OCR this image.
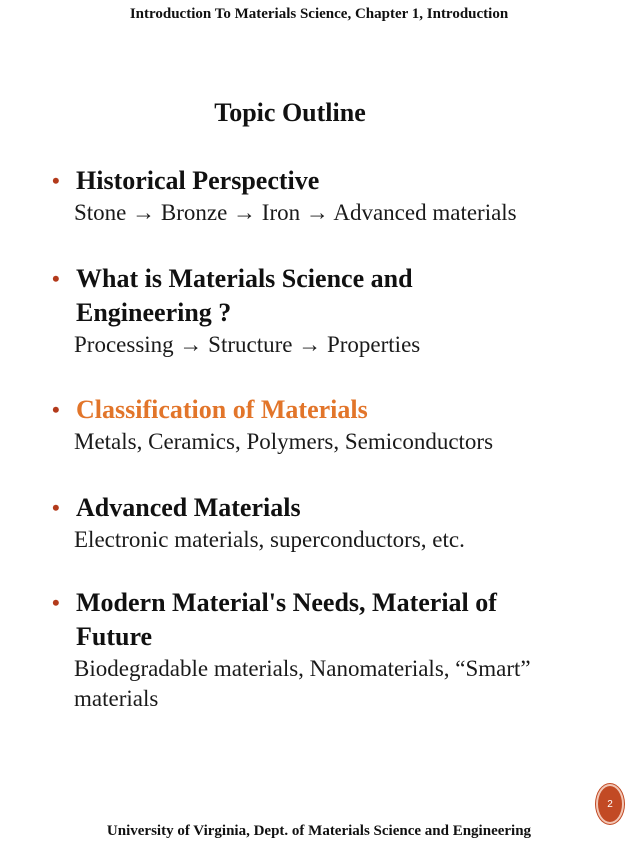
Introduction To Materials Science, Chapter 1, Introduction
Topic Outline
• Historical Perspective
Stone → Bronze → Iron → Advanced materials
• What is Materials Science and
Engineering ?
Processing → Structure → Properties
• Classification of Materials
Metals, Ceramics, Polymers, Semiconductors
• Advanced Materials
Electronic materials, superconductors, etc.
• Modern Material's Needs, Material of
Future
Biodegradable materials, Nanomaterials, “Smart”
materials
2
University of Virginia, Dept. of Materials Science and Engineering
